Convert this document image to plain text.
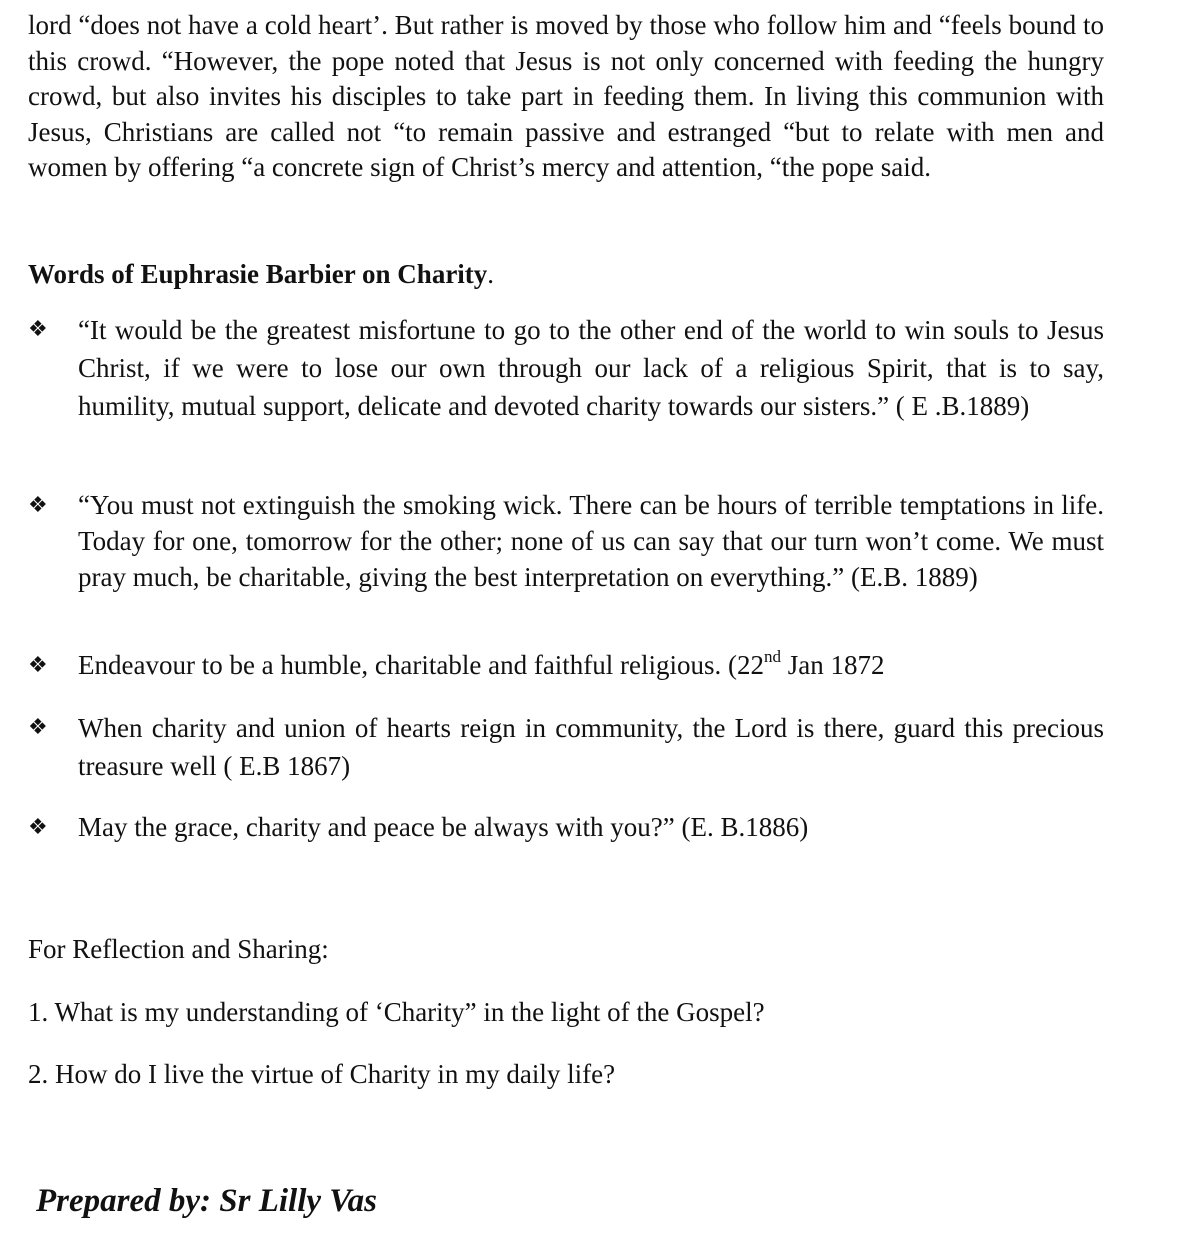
lord “does not have a cold heart’. But rather is moved by those who follow him and “feels bound to this crowd. “However, the pope noted that Jesus is not only concerned with feeding the hungry crowd, but also invites his disciples to take part in feeding them. In living this communion with Jesus, Christians are called not “to remain passive and estranged “but to relate with men and women by offering “a concrete sign of Christ’s mercy and attention, “the pope said.

Words of Euphrasie Barbier on Charity.

❖ “It would be the greatest misfortune to go to the other end of the world to win souls to Jesus Christ, if we were to lose our own through our lack of a religious Spirit, that is to say, humility, mutual support, delicate and devoted charity towards our sisters.” ( E .B.1889)

❖ “You must not extinguish the smoking wick. There can be hours of terrible temptations in life. Today for one, tomorrow for the other; none of us can say that our turn won’t come. We must pray much, be charitable, giving the best interpretation on everything.” (E.B. 1889)

❖ Endeavour to be a humble, charitable and faithful religious. (22nd Jan 1872

❖ When charity and union of hearts reign in community, the Lord is there, guard this precious treasure well ( E.B 1867)

❖ May the grace, charity and peace be always with you?” (E. B.1886)

For Reflection and Sharing:

1. What is my understanding of ‘Charity” in the light of the Gospel?

2. How do I live the virtue of Charity in my daily life?

Prepared by: Sr Lilly Vas
